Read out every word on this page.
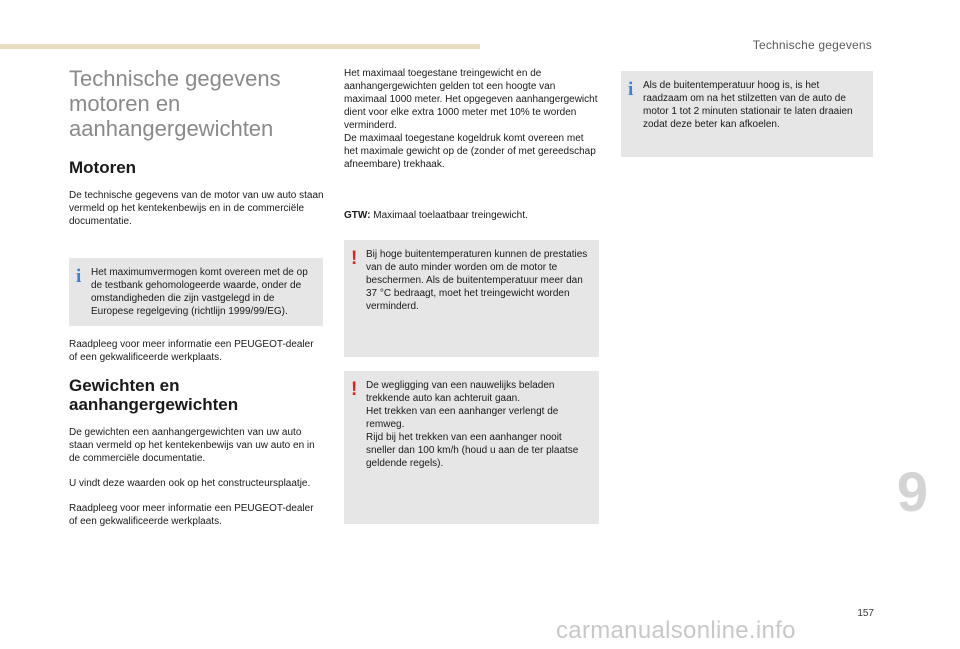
Technische gegevens
Technische gegevens
motoren en
aanhangergewichten
Motoren

De technische gegevens van de motor van uw auto staan vermeld op het kentekenbewijs en in de commerciële documentatie.

i Het maximumvermogen komt overeen met de op de testbank gehomologeerde waarde, onder de omstandigheden die zijn vastgelegd in de Europese regelgeving (richtlijn 1999/99/EG).

Raadpleeg voor meer informatie een PEUGEOT-dealer of een gekwalificeerde werkplaats.

Gewichten en aanhangergewichten

De gewichten een aanhangergewichten van uw auto staan vermeld op het kentekenbewijs van uw auto en in de commerciële documentatie.

U vindt deze waarden ook op het constructeursplaatje.

Raadpleeg voor meer informatie een PEUGEOT-dealer of een gekwalificeerde werkplaats.

Het maximaal toegestane treingewicht en de aanhangergewichten gelden tot een hoogte van maximaal 1000 meter. Het opgegeven aanhangergewicht dient voor elke extra 1000 meter met 10% te worden verminderd.
De maximaal toegestane kogeldruk komt overeen met het maximale gewicht op de (zonder of met gereedschap afneembare) trekhaak.

GTW: Maximaal toelaatbaar treingewicht.

! Bij hoge buitentemperaturen kunnen de prestaties van de auto minder worden om de motor te beschermen. Als de buitentemperatuur meer dan 37 °C bedraagt, moet het treingewicht worden verminderd.
! De wegligging van een nauwelijks beladen trekkende auto kan achteruit gaan.
Het trekken van een aanhanger verlengt de remweg.
Rijd bij het trekken van een aanhanger nooit sneller dan 100 km/h (houd u aan de ter plaatse geldende regels).
i Als de buitentemperatuur hoog is, is het raadzaam om na het stilzetten van de auto de motor 1 tot 2 minuten stationair te laten draaien zodat deze beter kan afkoelen.
9
157
carmanualsonline.info
